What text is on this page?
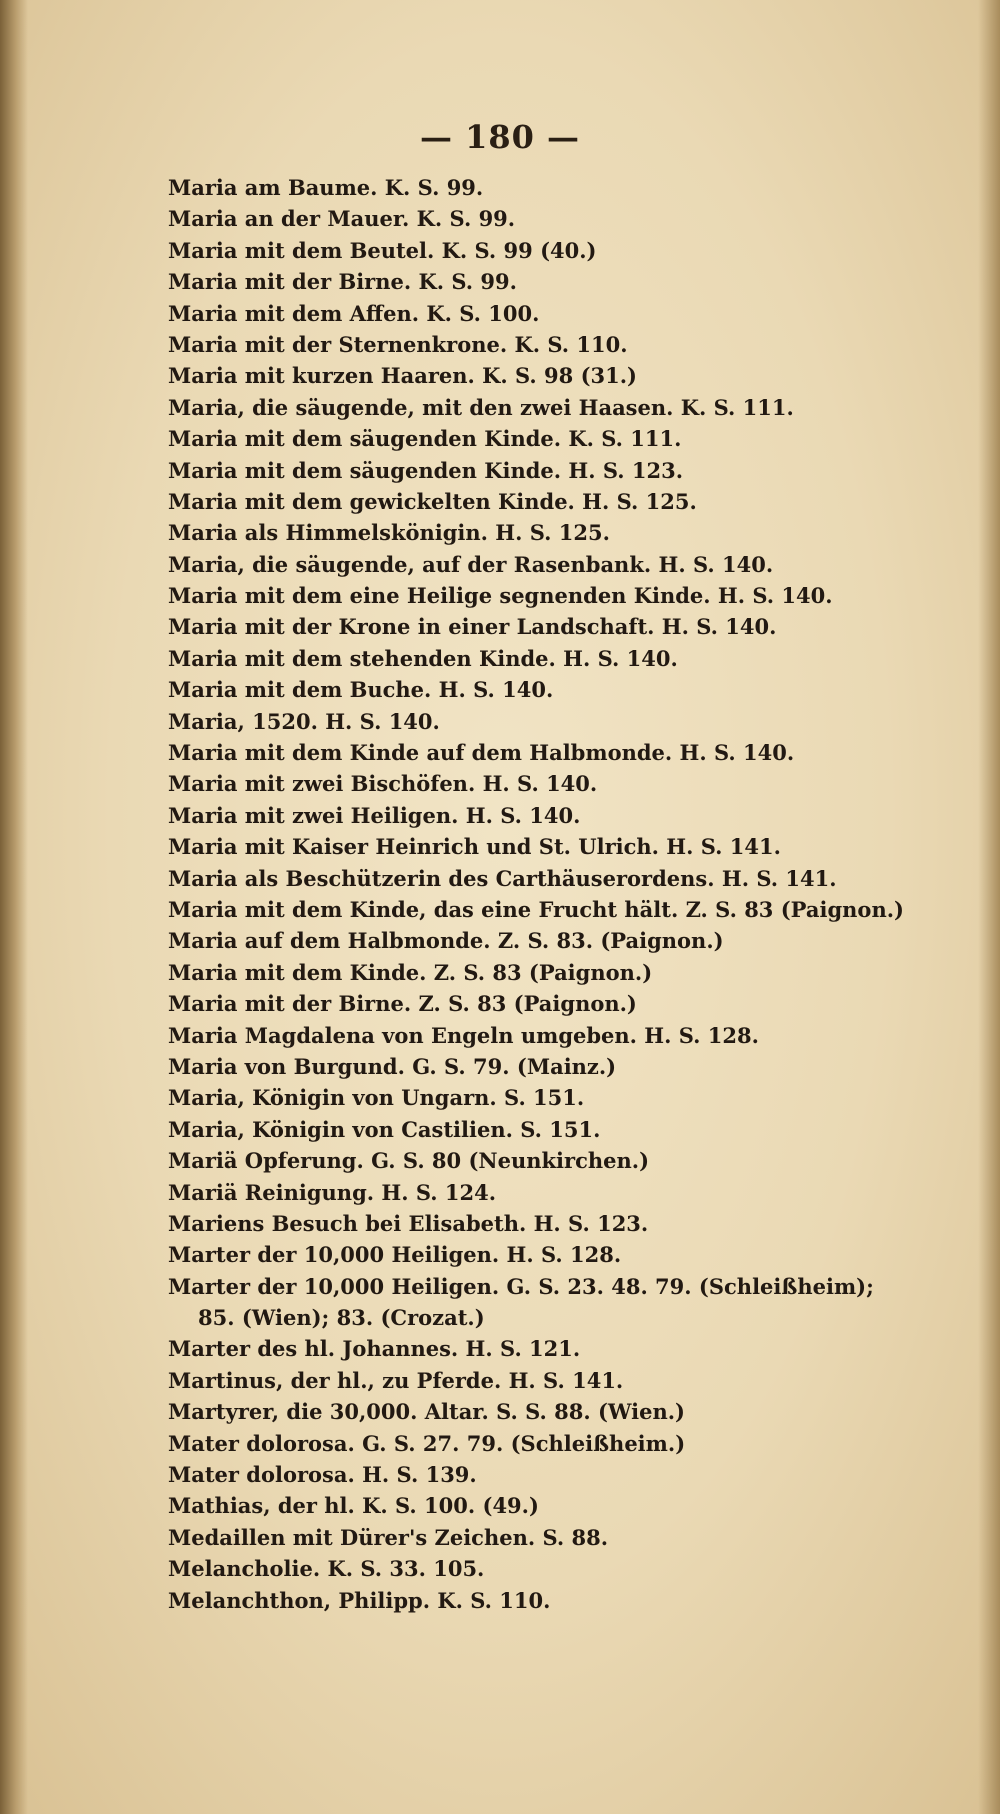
— 180 —
Maria am Baume. K. S. 99.
Maria an der Mauer. K. S. 99.
Maria mit dem Beutel. K. S. 99 (40.)
Maria mit der Birne. K. S. 99.
Maria mit dem Affen. K. S. 100.
Maria mit der Sternenkrone. K. S. 110.
Maria mit kurzen Haaren. K. S. 98 (31.)
Maria, die säugende, mit den zwei Haasen. K. S. 111.
Maria mit dem säugenden Kinde. K. S. 111.
Maria mit dem säugenden Kinde. H. S. 123.
Maria mit dem gewickelten Kinde. H. S. 125.
Maria als Himmelskönigin. H. S. 125.
Maria, die säugende, auf der Rasenbank. H. S. 140.
Maria mit dem eine Heilige segnenden Kinde. H. S. 140.
Maria mit der Krone in einer Landschaft. H. S. 140.
Maria mit dem stehenden Kinde. H. S. 140.
Maria mit dem Buche. H. S. 140.
Maria, 1520. H. S. 140.
Maria mit dem Kinde auf dem Halbmonde. H. S. 140.
Maria mit zwei Bischöfen. H. S. 140.
Maria mit zwei Heiligen. H. S. 140.
Maria mit Kaiser Heinrich und St. Ulrich. H. S. 141.
Maria als Beschützerin des Carthäuserordens. H. S. 141.
Maria mit dem Kinde, das eine Frucht hält. Z. S. 83 (Paignon.)
Maria auf dem Halbmonde. Z. S. 83. (Paignon.)
Maria mit dem Kinde. Z. S. 83 (Paignon.)
Maria mit der Birne. Z. S. 83 (Paignon.)
Maria Magdalena von Engeln umgeben. H. S. 128.
Maria von Burgund. G. S. 79. (Mainz.)
Maria, Königin von Ungarn. S. 151.
Maria, Königin von Castilien. S. 151.
Mariä Opferung. G. S. 80 (Neunkirchen.)
Mariä Reinigung. H. S. 124.
Mariens Besuch bei Elisabeth. H. S. 123.
Marter der 10,000 Heiligen. H. S. 128.
Marter der 10,000 Heiligen. G. S. 23. 48. 79. (Schleißheim);
85. (Wien); 83. (Crozat.)
Marter des hl. Johannes. H. S. 121.
Martinus, der hl., zu Pferde. H. S. 141.
Martyrer, die 30,000. Altar. S. S. 88. (Wien.)
Mater dolorosa. G. S. 27. 79. (Schleißheim.)
Mater dolorosa. H. S. 139.
Mathias, der hl. K. S. 100. (49.)
Medaillen mit Dürer's Zeichen. S. 88.
Melancholie. K. S. 33. 105.
Melanchthon, Philipp. K. S. 110.
